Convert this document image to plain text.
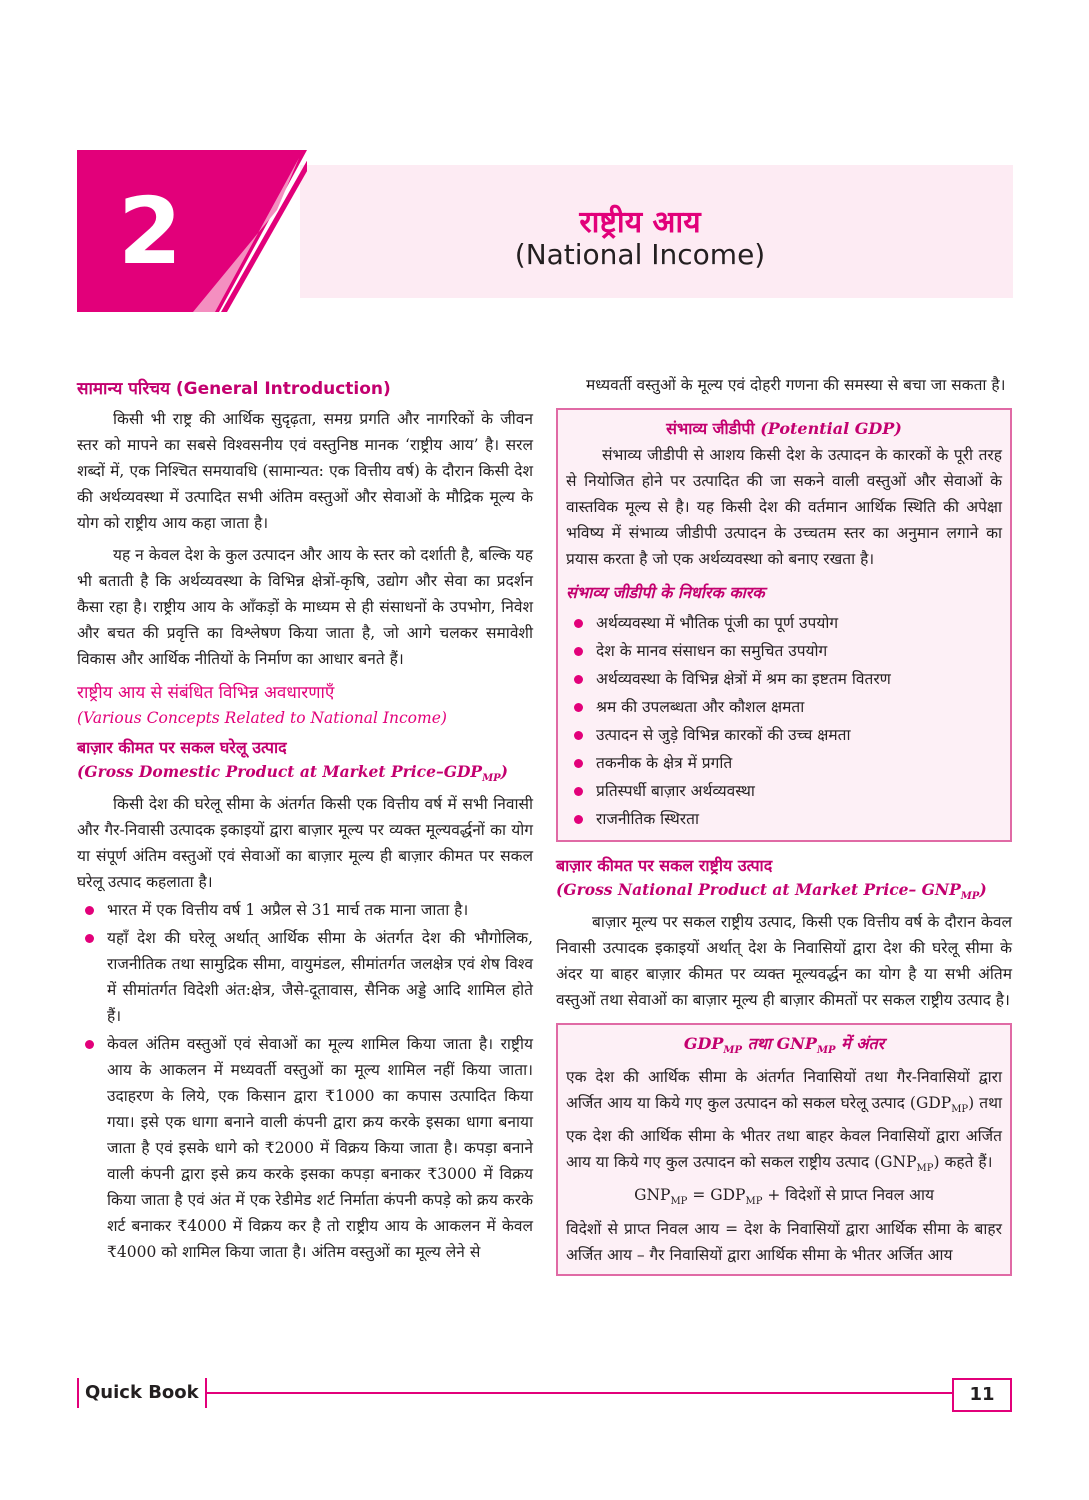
2	राष्ट्रीय आय
(National Income)
सामान्य परिचय (General Introduction)

किसी भी राष्ट्र की आर्थिक सुदृढ़ता, समग्र प्रगति और नागरिकों के जीवन स्तर को मापने का सबसे विश्वसनीय एवं वस्तुनिष्ठ मानक ‘राष्ट्रीय आय’ है। सरल शब्दों में, एक निश्चित समयावधि (सामान्यत: एक वित्तीय वर्ष) के दौरान किसी देश की अर्थव्यवस्था में उत्पादित सभी अंतिम वस्तुओं और सेवाओं के मौद्रिक मूल्य के योग को राष्ट्रीय आय कहा जाता है।

यह न केवल देश के कुल उत्पादन और आय के स्तर को दर्शाती है, बल्कि यह भी बताती है कि अर्थव्यवस्था के विभिन्न क्षेत्रों-कृषि, उद्योग और सेवा का प्रदर्शन कैसा रहा है। राष्ट्रीय आय के आँकड़ों के माध्यम से ही संसाधनों के उपभोग, निवेश और बचत की प्रवृत्ति का विश्लेषण किया जाता है, जो आगे चलकर समावेशी विकास और आर्थिक नीतियों के निर्माण का आधार बनते हैं।

राष्ट्रीय आय से संबंधित विभिन्न अवधारणाएँ
(Various Concepts Related to National Income)
बाज़ार कीमत पर सकल घरेलू उत्पाद
(Gross Domestic Product at Market Price–$GDP_{MP}$)

किसी देश की घरेलू सीमा के अंतर्गत किसी एक वित्तीय वर्ष में सभी निवासी और गैर-निवासी उत्पादक इकाइयों द्वारा बाज़ार मूल्य पर व्यक्त मूल्यवर्द्धनों का योग या संपूर्ण अंतिम वस्तुओं एवं सेवाओं का बाज़ार मूल्य ही बाज़ार कीमत पर सकल घरेलू उत्पाद कहलाता है।

भारत में एक वित्तीय वर्ष 1 अप्रैल से 31 मार्च तक माना जाता है।
यहाँ देश की घरेलू अर्थात् आर्थिक सीमा के अंतर्गत देश की भौगोलिक, राजनीतिक तथा सामुद्रिक सीमा, वायुमंडल, सीमांतर्गत जलक्षेत्र एवं शेष विश्व में सीमांतर्गत विदेशी अंत:क्षेत्र, जैसे-दूतावास, सैनिक अड्डे आदि शामिल होते हैं।
केवल अंतिम वस्तुओं एवं सेवाओं का मूल्य शामिल किया जाता है। राष्ट्रीय आय के आकलन में मध्यवर्ती वस्तुओं का मूल्य शामिल नहीं किया जाता। उदाहरण के लिये, एक किसान द्वारा ₹1000 का कपास उत्पादित किया गया। इसे एक धागा बनाने वाली कंपनी द्वारा क्रय करके इसका धागा बनाया जाता है एवं इसके धागे को ₹2000 में विक्रय किया जाता है। कपड़ा बनाने वाली कंपनी द्वारा इसे क्रय करके इसका कपड़ा बनाकर ₹3000 में विक्रय किया जाता है एवं अंत में एक रेडीमेड शर्ट निर्माता कंपनी कपड़े को क्रय करके शर्ट बनाकर ₹4000 में विक्रय कर है तो राष्ट्रीय आय के आकलन में केवल ₹4000 को शामिल किया जाता है। अंतिम वस्तुओं का मूल्य लेने से

मध्यवर्ती वस्तुओं के मूल्य एवं दोहरी गणना की समस्या से बचा जा सकता है।

संभाव्य जीडीपी (Potential GDP)

संभाव्य जीडीपी से आशय किसी देश के उत्पादन के कारकों के पूरी तरह से नियोजित होने पर उत्पादित की जा सकने वाली वस्तुओं और सेवाओं के वास्तविक मूल्य से है। यह किसी देश की वर्तमान आर्थिक स्थिति की अपेक्षा भविष्य में संभाव्य जीडीपी उत्पादन के उच्चतम स्तर का अनुमान लगाने का प्रयास करता है जो एक अर्थव्यवस्था को बनाए रखता है।

संभाव्य जीडीपी के निर्धारक कारक
अर्थव्यवस्था में भौतिक पूंजी का पूर्ण उपयोग
देश के मानव संसाधन का समुचित उपयोग
अर्थव्यवस्था के विभिन्न क्षेत्रों में श्रम का इष्टतम वितरण
श्रम की उपलब्धता और कौशल क्षमता
उत्पादन से जुड़े विभिन्न कारकों की उच्च क्षमता
तकनीक के क्षेत्र में प्रगति
प्रतिस्पर्धी बाज़ार अर्थव्यवस्था
राजनीतिक स्थिरता
बाज़ार कीमत पर सकल राष्ट्रीय उत्पाद
(Gross National Product at Market Price– $GNP_{MP}$)

बाज़ार मूल्य पर सकल राष्ट्रीय उत्पाद, किसी एक वित्तीय वर्ष के दौरान केवल निवासी उत्पादक इकाइयों अर्थात् देश के निवासियों द्वारा देश की घरेलू सीमा के अंदर या बाहर बाज़ार कीमत पर व्यक्त मूल्यवर्द्धन का योग है या सभी अंतिम वस्तुओं तथा सेवाओं का बाज़ार मूल्य ही बाज़ार कीमतों पर सकल राष्ट्रीय उत्पाद है।

$GDP_{MP}$ तथा $GNP_{MP}$ में अंतर

एक देश की आर्थिक सीमा के अंतर्गत निवासियों तथा गैर-निवासियों द्वारा अर्जित आय या किये गए कुल उत्पादन को सकल घरेलू उत्पाद $(GDP_{MP})$ तथा एक देश की आर्थिक सीमा के भीतर तथा बाहर केवल निवासियों द्वारा अर्जित आय या किये गए कुल उत्पादन को सकल राष्ट्रीय उत्पाद $(GNP_{MP})$ कहते हैं।

$GNP_{MP} = GDP_{MP}$ + विदेशों से प्राप्त निवल आय

विदेशों से प्राप्त निवल आय = देश के निवासियों द्वारा आर्थिक सीमा के बाहर अर्जित आय – गैर निवासियों द्वारा आर्थिक सीमा के भीतर अर्जित आय

Quick Book	11
